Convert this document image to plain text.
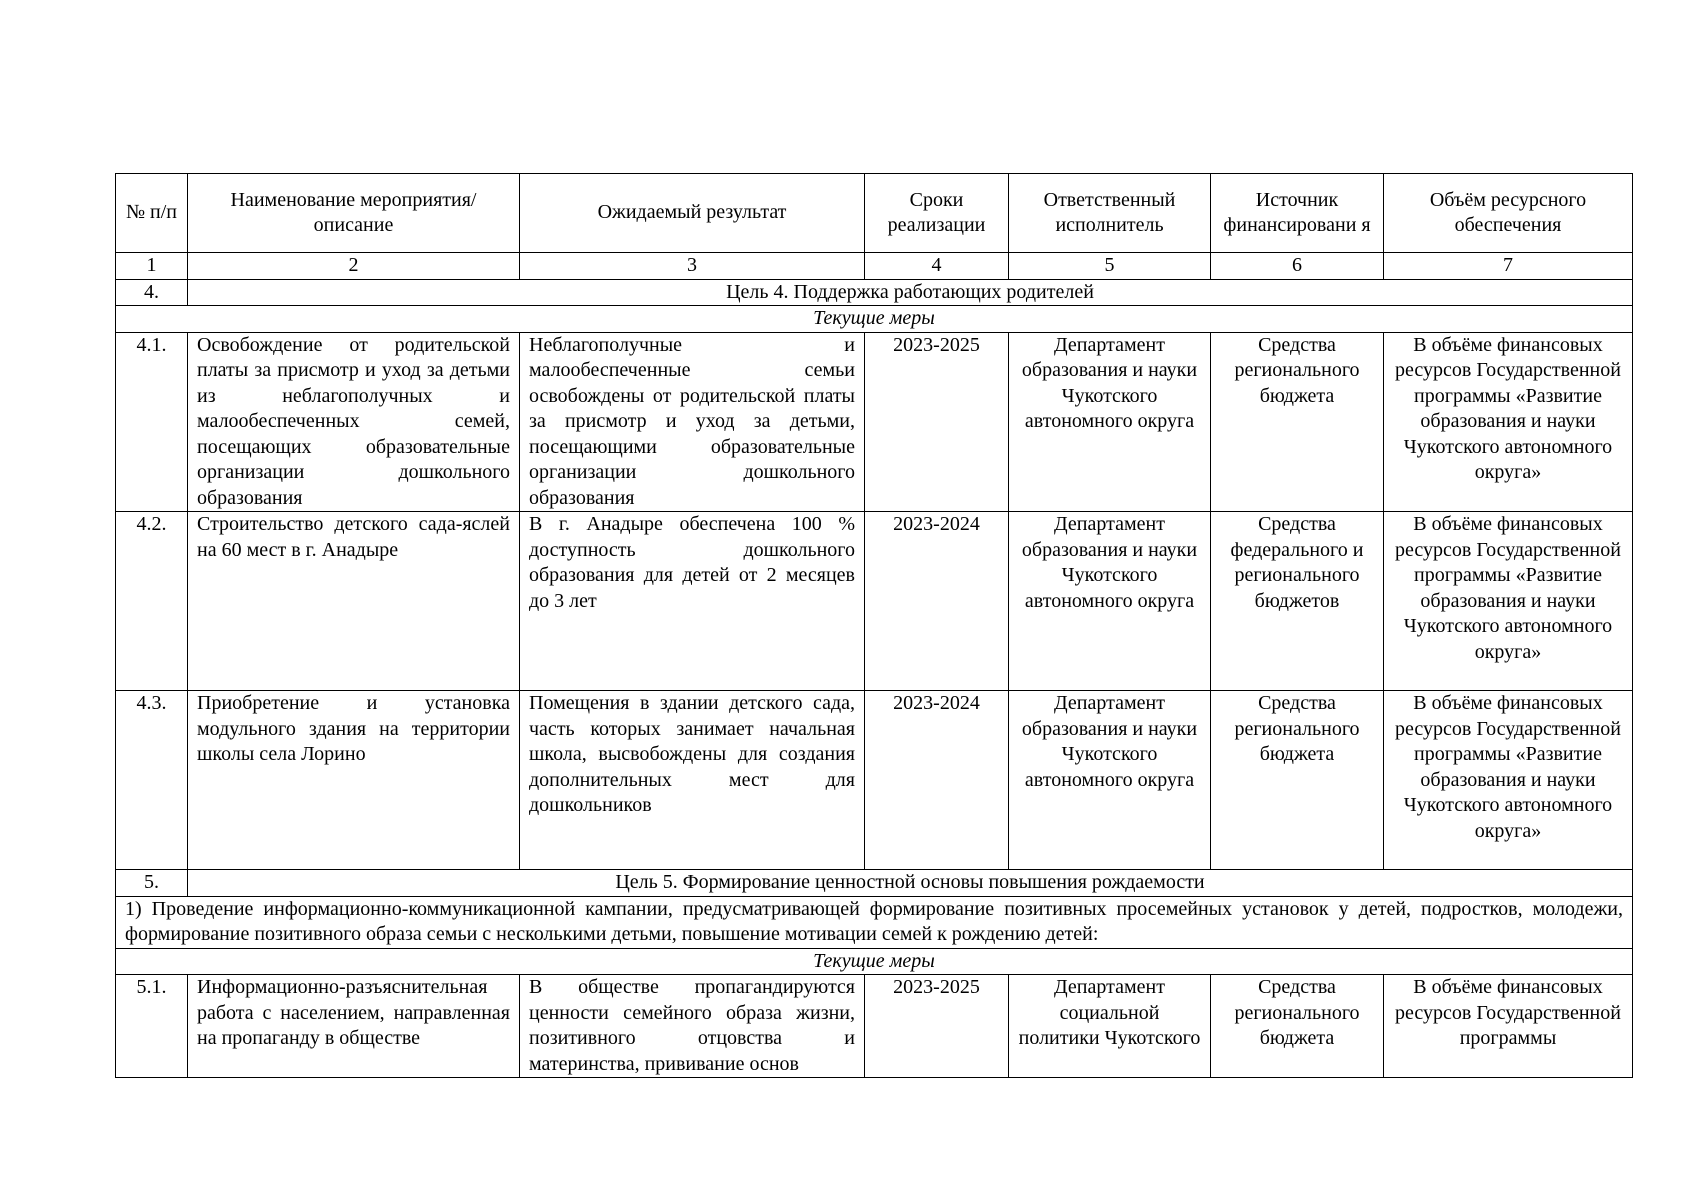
№ п/п	Наименование мероприятия/ описание	Ожидаемый результат	Сроки реализации	Ответственный исполнитель	Источник финансировани я	Объём ресурсного обеспечения
1	2	3	4	5	6	7
4.	Цель 4. Поддержка работающих родителей					
Текущие меры						
4.1.	Освобождение от родительской платы за присмотр и уход за детьми из неблагополучных и малообеспеченных семей, посещающих образовательные организации дошкольного образования	Неблагополучные и малообеспеченные семьи освобождены от родительской платы за присмотр и уход за детьми, посещающими образовательные организации дошкольного образования	2023-2025	Департамент образования и науки Чукотского автономного округа	Средства регионального бюджета	В объёме финансовых ресурсов Государственной программы «Развитие образования и науки Чукотского автономного округа»
4.2.	Строительство детского сада-яслей на 60 мест в г. Анадыре	В г. Анадыре обеспечена 100 % доступность дошкольного образования для детей от 2 месяцев до 3 лет	2023-2024	Департамент образования и науки Чукотского автономного округа	Средства федерального и регионального бюджетов	В объёме финансовых ресурсов Государственной программы «Развитие образования и науки Чукотского автономного округа»
4.3.	Приобретение и установка модульного здания на территории школы села Лорино	Помещения в здании детского сада, часть которых занимает начальная школа, высвобождены для создания дополнительных мест для дошкольников	2023-2024	Департамент образования и науки Чукотского автономного округа	Средства регионального бюджета	В объёме финансовых ресурсов Государственной программы «Развитие образования и науки Чукотского автономного округа»
5.	Цель 5. Формирование ценностной основы повышения рождаемости					
1) Проведение информационно-коммуникационной кампании, предусматривающей формирование позитивных просемейных установок у детей, подростков, молодежи, формирование позитивного образа семьи с несколькими детьми, повышение мотивации семей к рождению детей:						
Текущие меры						
5.1.	Информационно-разъяснительная работа с населением, направленная на пропаганду в обществе	В обществе пропагандируются ценности семейного образа жизни, позитивного отцовства и материнства, прививание основ	2023-2025	Департамент социальной политики Чукотского	Средства регионального бюджета	В объёме финансовых ресурсов Государственной программы
